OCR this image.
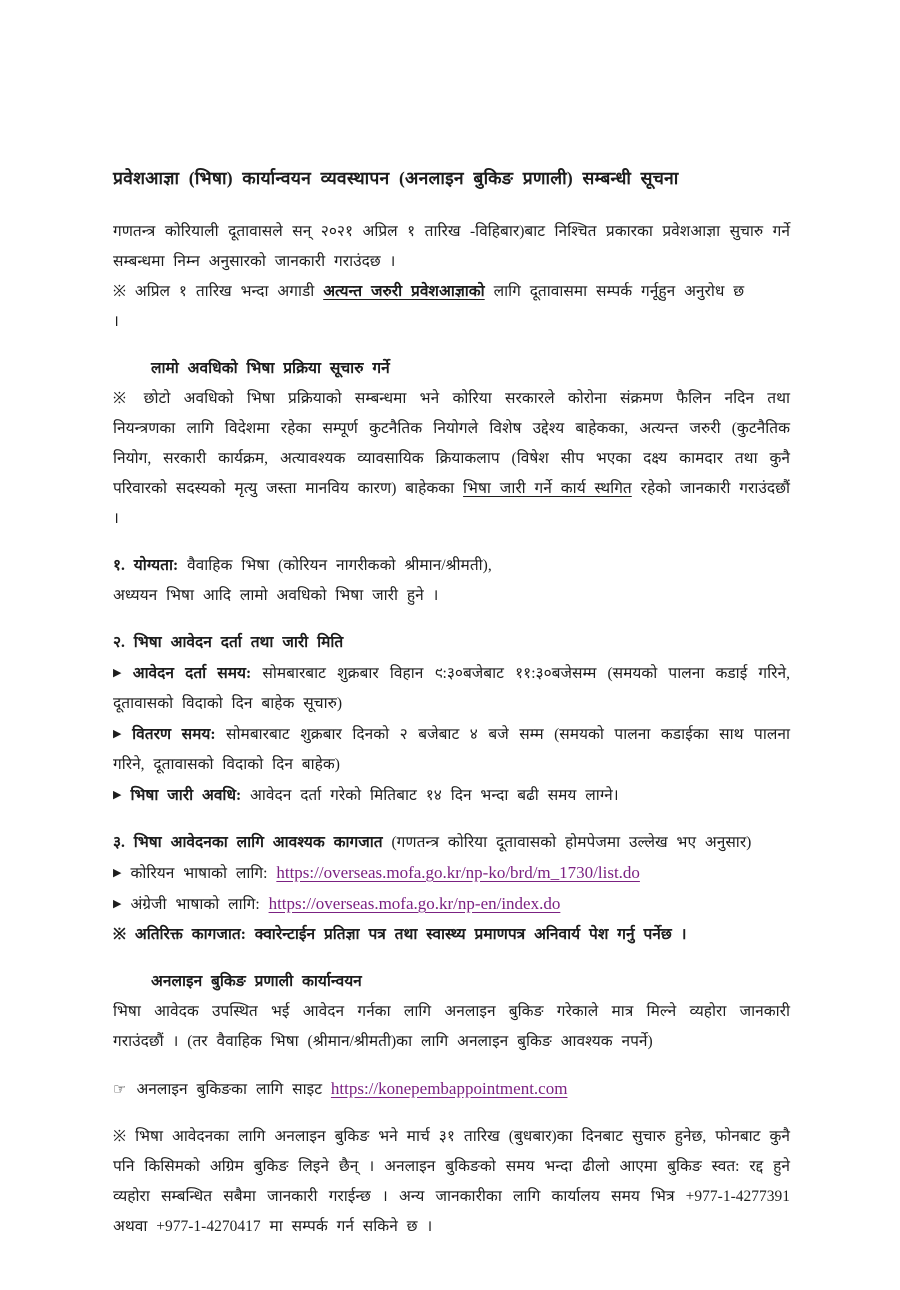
प्रवेशआज्ञा (भिषा) कार्यान्वयन व्यवस्थापन (अनलाइन बुकिङ प्रणाली) सम्बन्धी सूचना

गणतन्त्र कोरियाली दूतावासले सन् २०२१ अप्रिल १ तारिख -विहिबार)बाट निश्चित प्रकारका प्रवेशआज्ञा सुचारु गर्ने सम्बन्धमा निम्न अनुसारको जानकारी गराउंदछ ।

※ अप्रिल १ तारिख भन्दा अगाडी अत्यन्त जरुरी प्रवेशआज्ञाको लागि दूतावासमा सम्पर्क गर्नूहुन अनुरोध छ

।

लामो अवधिको भिषा प्रक्रिया सूचारु गर्ने

※ छोटो अवधिको भिषा प्रक्रियाको सम्बन्धमा भने कोरिया सरकारले कोरोना संक्रमण फैलिन नदिन तथा नियन्त्रणका लागि विदेशमा रहेका सम्पूर्ण कुटनैतिक नियोगले विशेष उद्देश्य बाहेकका, अत्यन्त जरुरी (कुटनैतिक नियोग, सरकारी कार्यक्रम, अत्यावश्यक व्यावसायिक क्रियाकलाप (विषेश सीप भएका दक्ष्य कामदार तथा कुनै परिवारको सदस्यको मृत्यु जस्ता मानविय कारण) बाहेकका भिषा जारी गर्ने कार्य स्थगित रहेको जानकारी गराउंदछौं ।

१. योग्यता: वैवाहिक भिषा (कोरियन नागरीकको श्रीमान/श्रीमती),

अध्ययन भिषा आदि लामो अवधिको भिषा जारी हुने ।

२. भिषा आवेदन दर्ता तथा जारी मिति

▶ आवेदन दर्ता समय: सोमबारबाट शुक्रबार विहान ९:३०बजेबाट ११:३०बजेसम्म (समयको पालना कडाई गरिने, दूतावासको विदाको दिन बाहेक सूचारु)

▶ वितरण समय: सोमबारबाट शुक्रबार दिनको २ बजेबाट ४ बजे सम्म (समयको पालना कडाईका साथ पालना गरिने, दूतावासको विदाको दिन बाहेक)

▶ भिषा जारी अवधि: आवेदन दर्ता गरेको मितिबाट १४ दिन भन्दा बढी समय लाग्ने।

३. भिषा आवेदनका लागि आवश्यक कागजात (गणतन्त्र कोरिया दूतावासको होमपेजमा उल्लेख भए अनुसार)

▶ कोरियन भाषाको लागि: https://overseas.mofa.go.kr/np-ko/brd/m_1730/list.do

▶ अंग्रेजी भाषाको लागि: https://overseas.mofa.go.kr/np-en/index.do

※ अतिरिक्त कागजात: क्वारेन्टाईन प्रतिज्ञा पत्र तथा स्वास्थ्य प्रमाणपत्र अनिवार्य पेश गर्नु पर्नेछ ।

अनलाइन बुकिङ प्रणाली कार्यान्वयन

भिषा आवेदक उपस्थित भई आवेदन गर्नका लागि अनलाइन बुकिङ गरेकाले मात्र मिल्ने व्यहोरा जानकारी गराउंदछौं । (तर वैवाहिक भिषा (श्रीमान/श्रीमती)का लागि अनलाइन बुकिङ आवश्यक नपर्ने)

☞ अनलाइन बुकिङका लागि साइट https://konepembappointment.com

※ भिषा आवेदनका लागि अनलाइन बुकिङ भने मार्च ३१ तारिख (बुधबार)का दिनबाट सुचारु हुनेछ, फोनबाट कुनै पनि किसिमको अग्रिम बुकिङ लिइने छैन् । अनलाइन बुकिङको समय भन्दा ढीलो आएमा बुकिङ स्वत: रद्द हुने व्यहोरा सम्बन्धित सबैमा जानकारी गराईन्छ । अन्य जानकारीका लागि कार्यालय समय भित्र +977-1-4277391 अथवा +977-1-4270417 मा सम्पर्क गर्न सकिने छ ।
